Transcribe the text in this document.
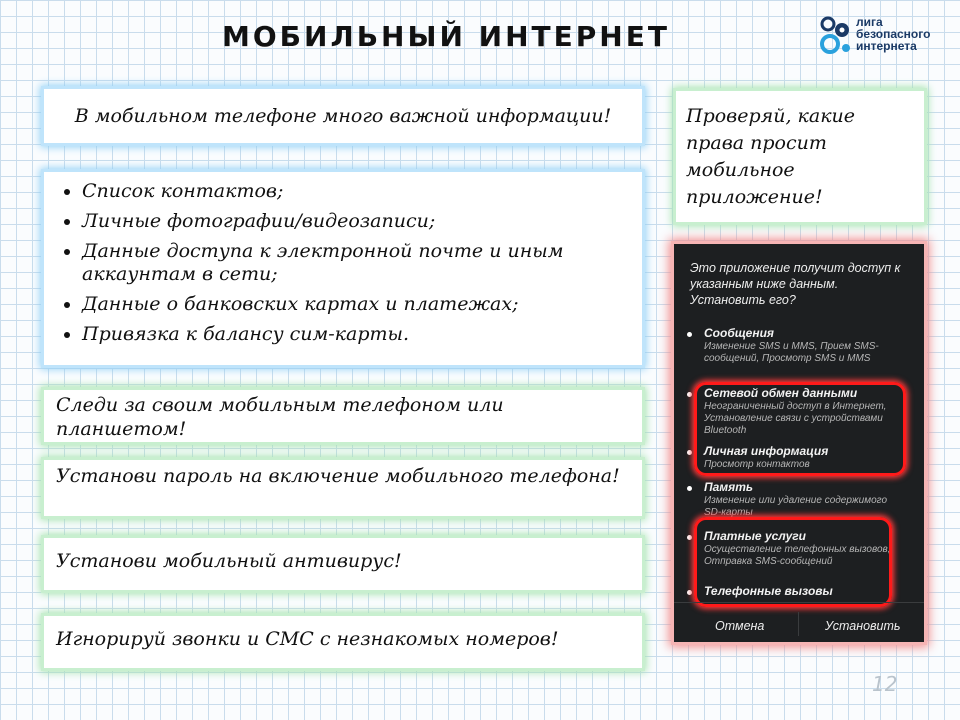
МОБИЛЬНЫЙ ИНТЕРНЕТ	лига
безопасного
интернета
В мобильном телефоне много важной информации!
• Список контактов;
• Личные фотографии/видеозаписи;
• Данные доступа к электронной почте и иным аккаунтам в сети;
• Данные о банковских картах и платежах;
• Привязка к балансу сим-карты.
Следи за своим мобильным телефоном или планшетом!
Установи пароль на включение мобильного телефона!
Установи мобильный антивирус!
Игнорируй звонки и СМС с незнакомых номеров!
Проверяй, какие права просит мобильное приложение!
Это приложение получит доступ к указанным ниже данным. Установить его?
Сообщения
Изменение SMS и MMS, Прием SMS-сообщений, Просмотр SMS и MMS
Сетевой обмен данными
Неограниченный доступ в Интернет, Установление связи с устройствами Bluetooth
Личная информация
Просмотр контактов
Память
Изменение или удаление содержимого SD-карты
Платные услуги
Осуществление телефонных вызовов, Отправка SMS-сообщений
Телефонные вызовы
Отмена	Установить
12
